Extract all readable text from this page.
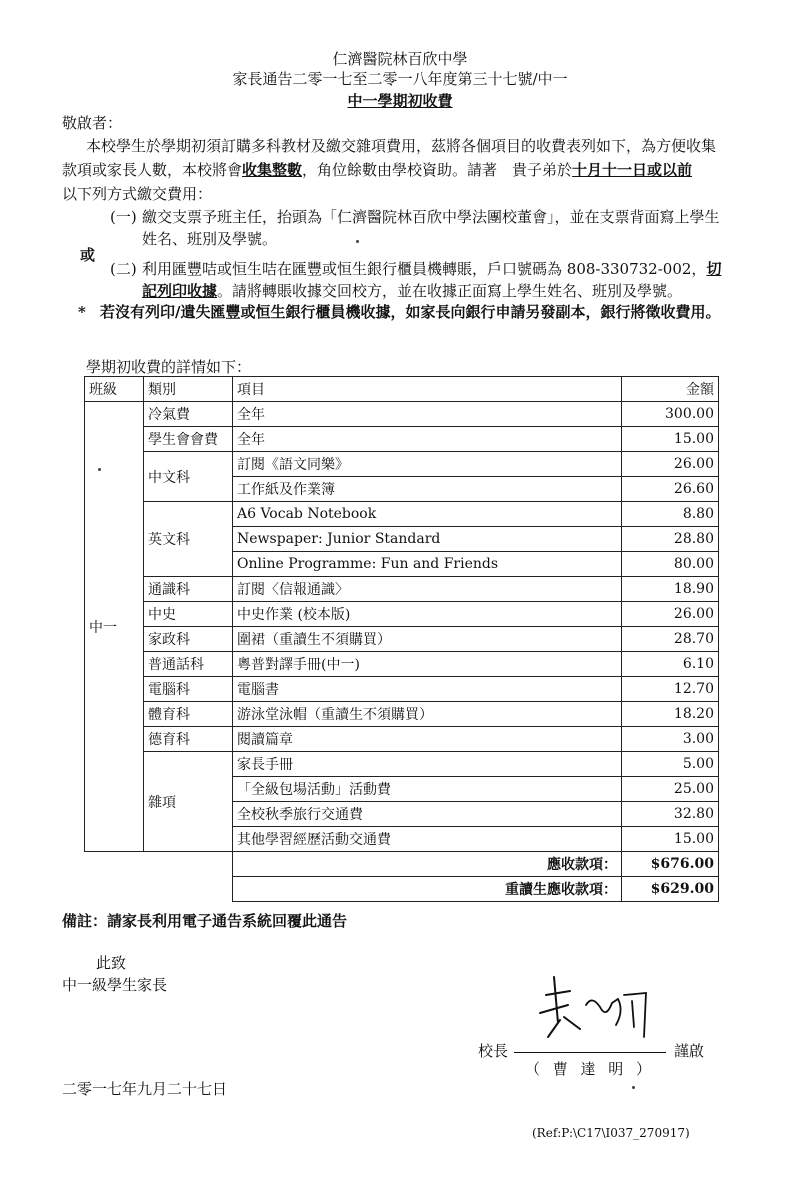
仁濟醫院林百欣中學
家長通告二零一七至二零一八年度第三十七號/中一
中一學期初收費
敬啟者：
本校學生於學期初須訂購多科教材及繳交雜項費用，茲將各個項目的收費表列如下，為方便收集款項或家長人數，本校將會收集整數，角位餘數由學校資助。請著　貴子弟於十月十一日或以前
以下列方式繳交費用：
(一) 繳交支票予班主任，抬頭為「仁濟醫院林百欣中學法團校董會」，並在支票背面寫上學生姓名、班別及學號。
或
(二) 利用匯豐咭或恒生咭在匯豐或恒生銀行櫃員機轉賬，戶口號碼為 808-330732-002，切記列印收據。請將轉賬收據交回校方，並在收據正面寫上學生姓名、班別及學號。
* 若沒有列印/遺失匯豐或恒生銀行櫃員機收據，如家長向銀行申請另發副本，銀行將徵收費用。
學期初收費的詳情如下：
班級	類別	項目	金額
中一	冷氣費	全年	300.00
	學生會會費	全年	15.00
	中文科	訂閱《語文同樂》	26.00
		工作紙及作業簿	26.60
	英文科	A6 Vocab Notebook	8.80
		Newspaper: Junior Standard	28.80
		Online Programme: Fun and Friends	80.00
	通識科	訂閱〈信報通識〉	18.90
	中史	中史作業 (校本版)	26.00
	家政科	圍裙（重讀生不須購買）	28.70
	普通話科	粵普對譯手冊(中一)	6.10
	電腦科	電腦書	12.70
	體育科	游泳堂泳帽（重讀生不須購買）	18.20
	德育科	閱讀篇章	3.00
	雜項	家長手冊	5.00
		「全級包場活動」活動費	25.00
		全校秋季旅行交通費	32.80
		其他學習經歷活動交通費	15.00
		應收款項：	$676.00
		重讀生應收款項：	$629.00
備註：請家長利用電子通告系統回覆此通告
此致
中一級學生家長
校長	謹啟
（ 曹 達 明 ）
二零一七年九月二十七日
(Ref:P:\C17\I037_270917)
